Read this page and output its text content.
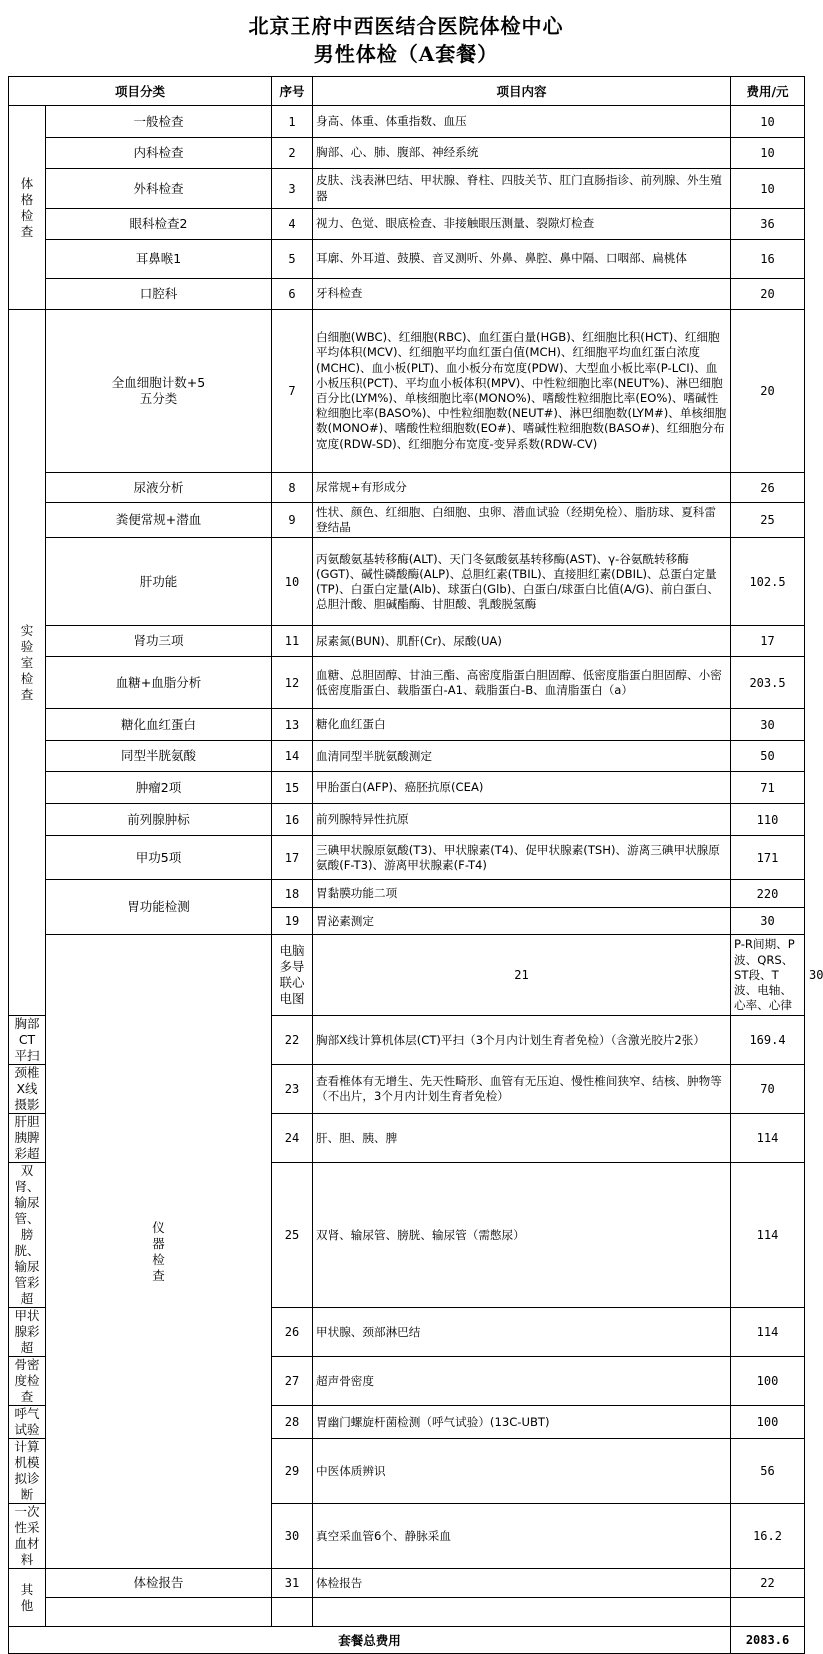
北京王府中西医结合医院体检中心
男性体检（A套餐）
项目分类		序号	项目内容	费用/元	

体格检查	一般检查	1	身高、体重、体重指数、血压	10	
	内科检查	2	胸部、心、肺、腹部、神经系统	10	
	外科检查	3	皮肤、浅表淋巴结、甲状腺、脊柱、四肢关节、肛门直肠指诊、前列腺、外生殖器	10	
	眼科检查2	4	视力、色觉、眼底检查、非接触眼压测量、裂隙灯检查	36	
	耳鼻喉1	5	耳廓、外耳道、鼓膜、音叉测听、外鼻、鼻腔、鼻中隔、口咽部、扁桃体	16	
	口腔科	6	牙科检查	20	

实验室检查	全血细胞计数+5
五分类	7	白细胞(WBC)、红细胞(RBC)、血红蛋白量(HGB)、红细胞比积(HCT)、红细胞平均体积(MCV)、红细胞平均血红蛋白值(MCH)、红细胞平均血红蛋白浓度(MCHC)、血小板(PLT)、血小板分布宽度(PDW)、大型血小板比率(P-LCI)、血小板压积(PCT)、平均血小板体积(MPV)、中性粒细胞比率(NEUT%)、淋巴细胞百分比(LYM%)、单核细胞比率(MONO%)、嗜酸性粒细胞比率(EO%)、嗜碱性粒细胞比率(BASO%)、中性粒细胞数(NEUT#)、淋巴细胞数(LYM#)、单核细胞数(MONO#)、嗜酸性粒细胞数(EO#)、嗜碱性粒细胞数(BASO#)、红细胞分布宽度(RDW-SD)、红细胞分布宽度-变异系数(RDW-CV)	20	
	尿液分析	8	尿常规+有形成分	26	
	粪便常规+潜血	9	性状、颜色、红细胞、白细胞、虫卵、潜血试验（经期免检）、脂肪球、夏科雷登结晶	25	
	肝功能	10	丙氨酸氨基转移酶(ALT)、天门冬氨酸氨基转移酶(AST)、γ-谷氨酰转移酶(GGT)、碱性磷酸酶(ALP)、总胆红素(TBIL)、直接胆红素(DBIL)、总蛋白定量(TP)、白蛋白定量(Alb)、球蛋白(Glb)、白蛋白/球蛋白比值(A/G)、前白蛋白、总胆汁酸、胆碱酯酶、甘胆酸、乳酸脱氢酶	102.5	
	肾功三项	11	尿素氮(BUN)、肌酐(Cr)、尿酸(UA)	17	
	血糖+血脂分析	12	血糖、总胆固醇、甘油三酯、高密度脂蛋白胆固醇、低密度脂蛋白胆固醇、小密低密度脂蛋白、载脂蛋白-A1、载脂蛋白-B、血清脂蛋白（a）	203.5	
	糖化血红蛋白	13	糖化血红蛋白	30	
	同型半胱氨酸	14	血清同型半胱氨酸测定	50	
	肿瘤2项	15	甲胎蛋白(AFP)、癌胚抗原(CEA)	71	
	前列腺肿标	16	前列腺特异性抗原	110	
	甲功5项	17	三碘甲状腺原氨酸(T3)、甲状腺素(T4)、促甲状腺素(TSH)、游离三碘甲状腺原氨酸(F-T3)、游离甲状腺素(F-T4)	171	
	胃功能检测	18	胃黏膜功能二项	220	
		19	胃泌素测定	30	

	仪器检查	电脑多导联心电图	21	P-R间期、P波、QRS、ST段、T波、电轴、心率、心律	30
胸部CT平扫		22	胸部X线计算机体层(CT)平扫（3个月内计划生育者免检）（含激光胶片2张）	169.4	
颈椎X线摄影		23	查看椎体有无增生、先天性畸形、血管有无压迫、慢性椎间狭窄、结核、肿物等（不出片，3个月内计划生育者免检）	70	
肝胆胰脾彩超		24	肝、胆、胰、脾	114	
双肾、输尿管、膀胱、输尿管彩超		25	双肾、输尿管、膀胱、输尿管（需憋尿）	114	
甲状腺彩超		26	甲状腺、颈部淋巴结	114	
骨密度检查		27	超声骨密度	100	
呼气试验		28	胃幽门螺旋杆菌检测（呼气试验）(13C-UBT)	100	
计算机模拟诊断		29	中医体质辨识	56	
一次性采血材料		30	真空采血管6个、静脉采血	16.2	

其他	体检报告	31	体检报告	22	

套餐总费用				2083.6	
